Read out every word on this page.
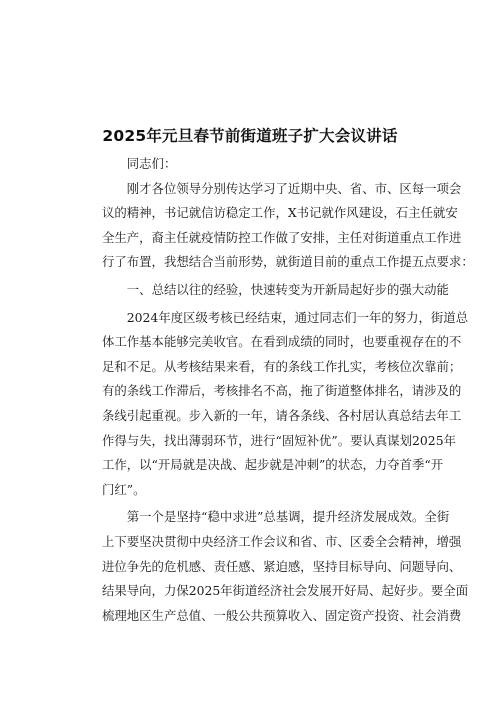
2025年元旦春节前街道班子扩大会议讲话

同志们：

　　刚才各位领导分别传达学习了近期中央、省、市、区每一项会

议的精神，书记就信访稳定工作，X书记就作风建设，石主任就安

全生产，裔主任就疫情防控工作做了安排，主任对街道重点工作进

行了布置，我想结合当前形势，就街道目前的重点工作提五点要求：

一、总结以往的经验，快速转变为开新局起好步的强大动能

　　2024年度区级考核已经结束，通过同志们一年的努力，街道总

体工作基本能够完美收官。在看到成绩的同时，也要重视存在的不

足和不足。从考核结果来看，有的条线工作扎实，考核位次靠前；

有的条线工作滞后，考核排名不高，拖了街道整体排名，请涉及的

条线引起重视。步入新的一年，请各条线、各村居认真总结去年工

作得与失，找出薄弱环节，进行“固短补优”。要认真谋划2025年

工作，以“开局就是决战、起步就是冲刺”的状态，力夺首季“开

门红”。

　　第一个是坚持“稳中求进”总基调，提升经济发展成效。全街

上下要坚决贯彻中央经济工作会议和省、市、区委全会精神，增强

进位争先的危机感、责任感、紧迫感，坚持目标导向、问题导向、

结果导向，力保2025年街道经济社会发展开好局、起好步。要全面

梳理地区生产总值、一般公共预算收入、固定资产投资、社会消费
